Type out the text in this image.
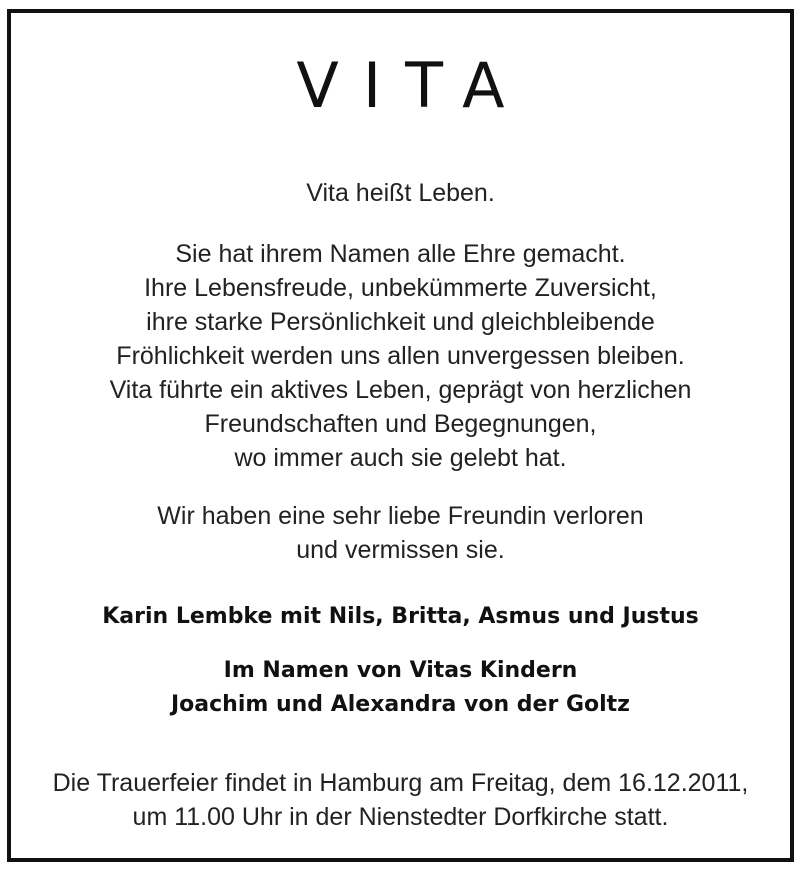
VITA

Vita heißt Leben.

Sie hat ihrem Namen alle Ehre gemacht.
Ihre Lebensfreude, unbekümmerte Zuversicht,
ihre starke Persönlichkeit und gleichbleibende
Fröhlichkeit werden uns allen unvergessen bleiben.
Vita führte ein aktives Leben, geprägt von herzlichen
Freundschaften und Begegnungen,
wo immer auch sie gelebt hat.

Wir haben eine sehr liebe Freundin verloren
und vermissen sie.

Karin Lembke mit Nils, Britta, Asmus und Justus

Im Namen von Vitas Kindern
Joachim und Alexandra von der Goltz

Die Trauerfeier findet in Hamburg am Freitag, dem 16.12.2011,
um 11.00 Uhr in der Nienstedter Dorfkirche statt.
